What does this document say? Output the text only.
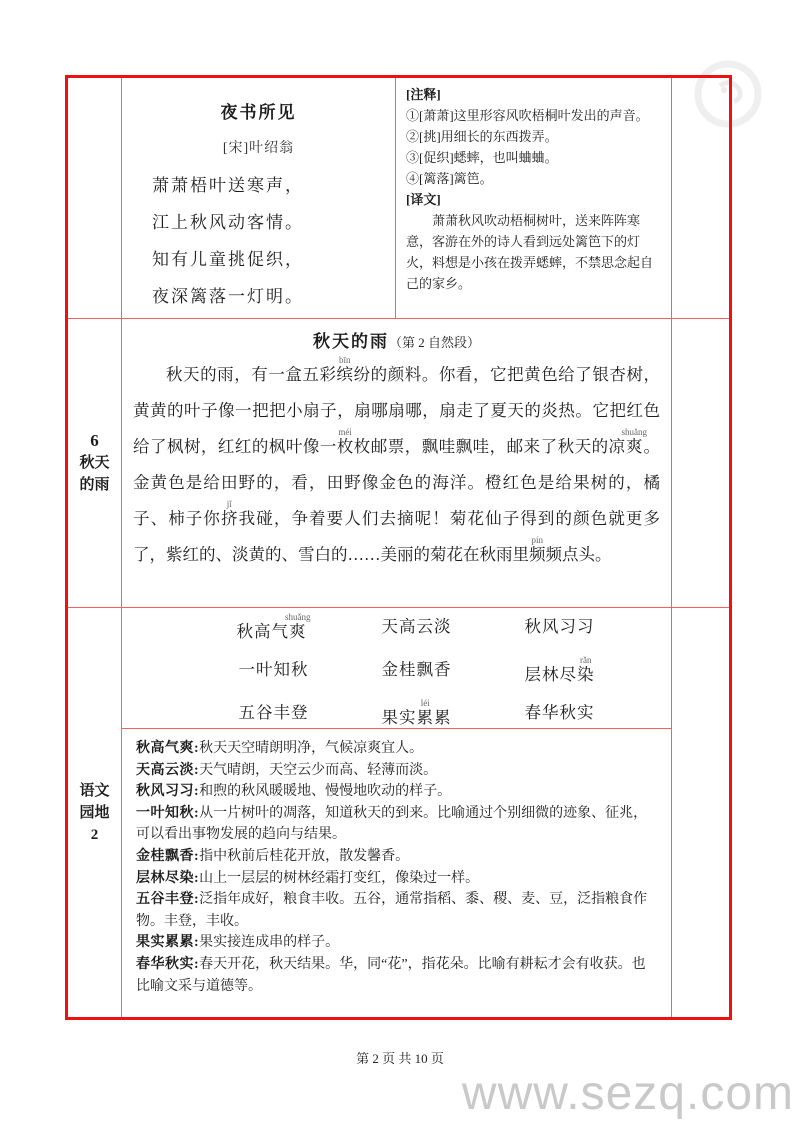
夜书所见
[宋]叶绍翁
萧萧梧叶送寒声，
江上秋风动客情。
知有儿童挑促织，
夜深篱落一灯明。
[注释]
①[萧萧]这里形容风吹梧桐叶发出的声音。
②[挑]用细长的东西拨弄。
③[促织]蟋蟀，也叫蛐蛐。
④[篱落]篱笆。
[译文]
萧萧秋风吹动梧桐树叶，送来阵阵寒意，客游在外的诗人看到远处篱笆下的灯火，料想是小孩在拨弄蟋蟀，不禁思念起自己的家乡。
6
秋天
的雨
秋天的雨（第 2 自然段）
秋天的雨，有一盒五彩缤bīn纷的颜料。你看，它把黄色给了银杏树，黄黄的叶子像一把把小扇子，扇哪扇哪，扇走了夏天的炎热。它把红色给了枫树，红红的枫叶像一枚méi枚邮票，飘哇飘哇，邮来了秋天的凉爽shuǎng。金黄色是给田野的，看，田野像金色的海洋。橙红色是给果树的，橘子、柿子你挤jǐ我碰，争着要人们去摘呢！菊花仙子得到的颜色就更多了，紫红的、淡黄的、雪白的……美丽的菊花在秋雨里频pín频点头。
语文
园地
2
秋高气爽shuǎng	天高云淡	秋风习习
一叶知秋	金桂飘香	层林尽染rǎn
五谷丰登	果实累léi累	春华秋实
秋高气爽:秋天天空晴朗明净，气候凉爽宜人。
天高云淡:天气晴朗，天空云少而高、轻薄而淡。
秋风习习:和煦的秋风暖暖地、慢慢地吹动的样子。
一叶知秋:从一片树叶的凋落，知道秋天的到来。比喻通过个别细微的迹象、征兆，可以看出事物发展的趋向与结果。
金桂飘香:指中秋前后桂花开放，散发馨香。
层林尽染:山上一层层的树林经霜打变红，像染过一样。
五谷丰登:泛指年成好，粮食丰收。五谷，通常指稻、黍、稷、麦、豆，泛指粮食作物。丰登，丰收。
果实累累:果实接连成串的样子。
春华秋实:春天开花，秋天结果。华，同“花”，指花朵。比喻有耕耘才会有收获。也比喻文采与道德等。
第 2 页 共 10 页
www.sezq.com
